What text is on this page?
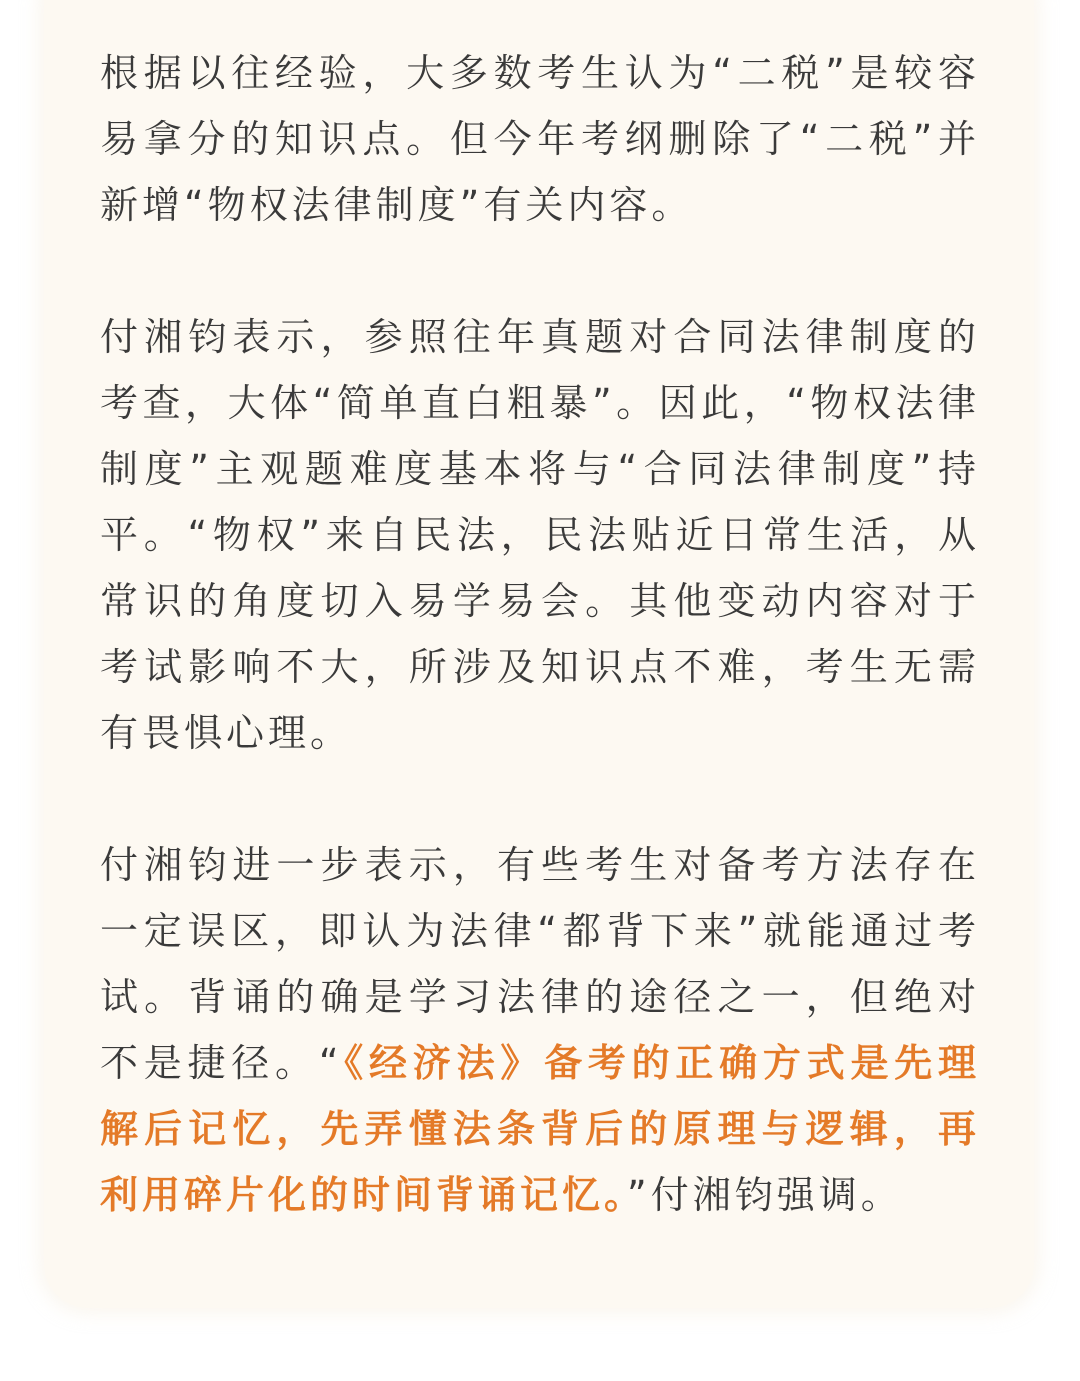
根据以往经验，大多数考生认为“二税”是较容易拿分的知识点。但今年考纲删除了“二税”并新增“物权法律制度”有关内容。

付湘钧表示，参照往年真题对合同法律制度的考查，大体“简单直白粗暴”。因此，“物权法律制度”主观题难度基本将与“合同法律制度”持平。“物权”来自民法，民法贴近日常生活，从常识的角度切入易学易会。其他变动内容对于考试影响不大，所涉及知识点不难，考生无需有畏惧心理。

付湘钧进一步表示，有些考生对备考方法存在一定误区，即认为法律“都背下来”就能通过考试。背诵的确是学习法律的途径之一，但绝对不是捷径。“《经济法》备考的正确方式是先理解后记忆，先弄懂法条背后的原理与逻辑，再利用碎片化的时间背诵记忆。”付湘钧强调。
